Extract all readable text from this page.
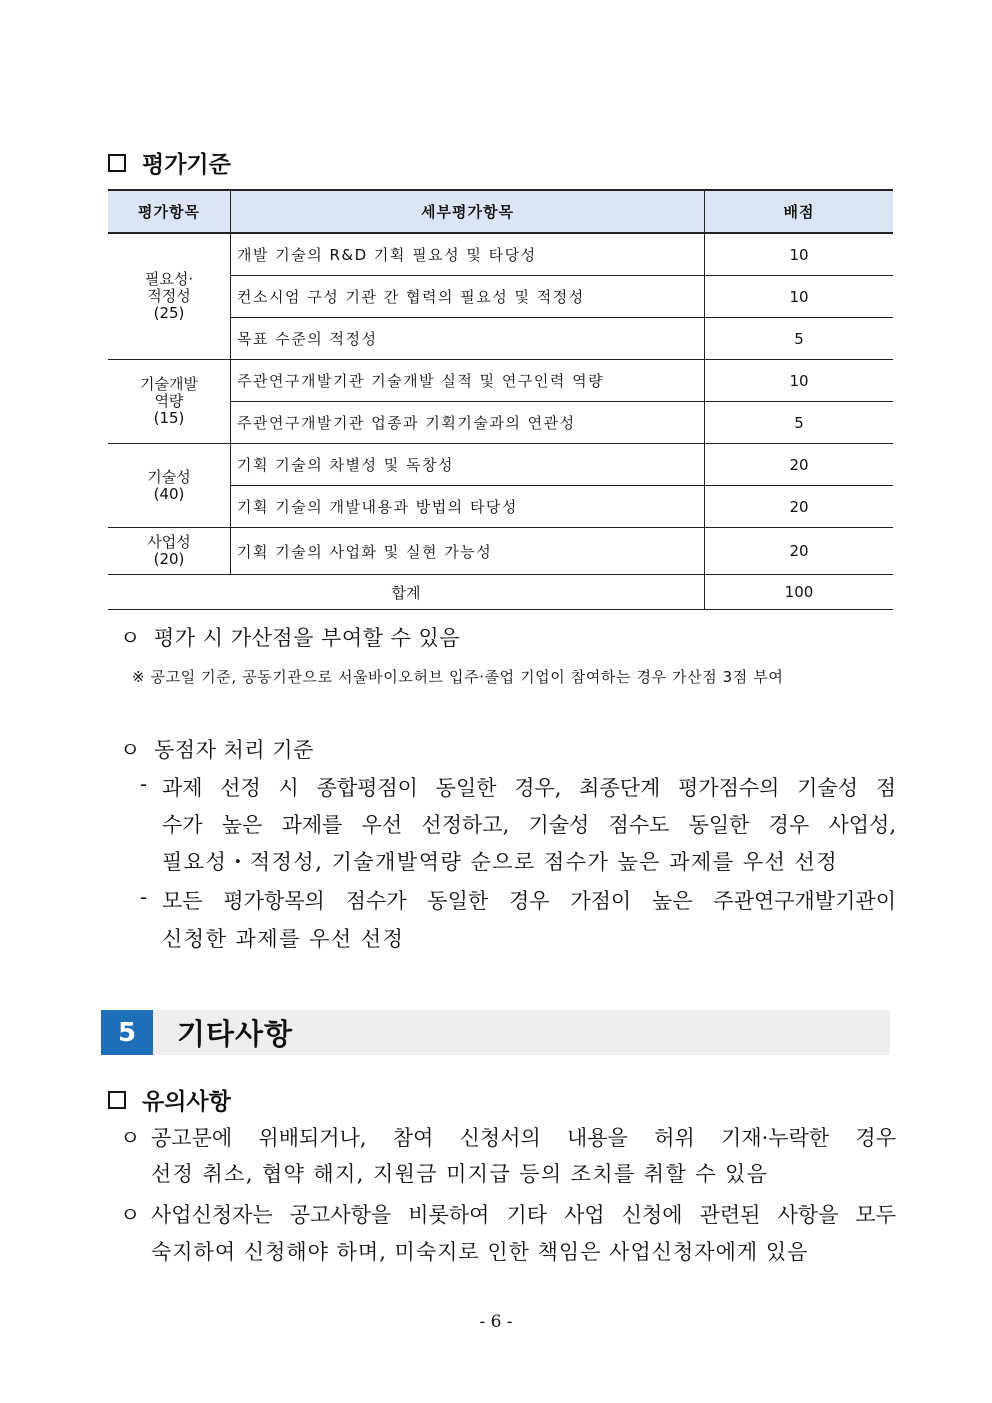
평가기준
평가항목	세부평가항목	배점

필요성·
적정성
(25)	개발 기술의 R&D 기획 필요성 및 타당성	10
	컨소시엄 구성 기관 간 협력의 필요성 및 적정성	10
	목표 수준의 적정성	5

기술개발
역량
(15)	주관연구개발기관 기술개발 실적 및 연구인력 역량	10
	주관연구개발기관 업종과 기획기술과의 연관성	5

기술성
(40)	기획 기술의 차별성 및 독창성	20
	기획 기술의 개발내용과 방법의 타당성	20

사업성
(20)	기획 기술의 사업화 및 실현 가능성	20
합계		100
ㅇ 평가 시 가산점을 부여할 수 있음
※ 공고일 기준, 공동기관으로 서울바이오허브 입주·졸업 기업이 참여하는 경우 가산점 3점 부여
ㅇ 동점자 처리 기준
- 과제 선정 시 종합평점이 동일한 경우, 최종단계 평가점수의 기술성 점
수가 높은 과제를 우선 선정하고, 기술성 점수도 동일한 경우 사업성,
필요성・적정성, 기술개발역량 순으로 점수가 높은 과제를 우선 선정
- 모든 평가항목의 점수가 동일한 경우 가점이 높은 주관연구개발기관이
신청한 과제를 우선 선정
5	기타사항
유의사항
ㅇ 공고문에 위배되거나, 참여 신청서의 내용을 허위 기재·누락한 경우
선정 취소, 협약 해지, 지원금 미지급 등의 조치를 취할 수 있음
ㅇ 사업신청자는 공고사항을 비롯하여 기타 사업 신청에 관련된 사항을 모두
숙지하여 신청해야 하며, 미숙지로 인한 책임은 사업신청자에게 있음
- 6 -
